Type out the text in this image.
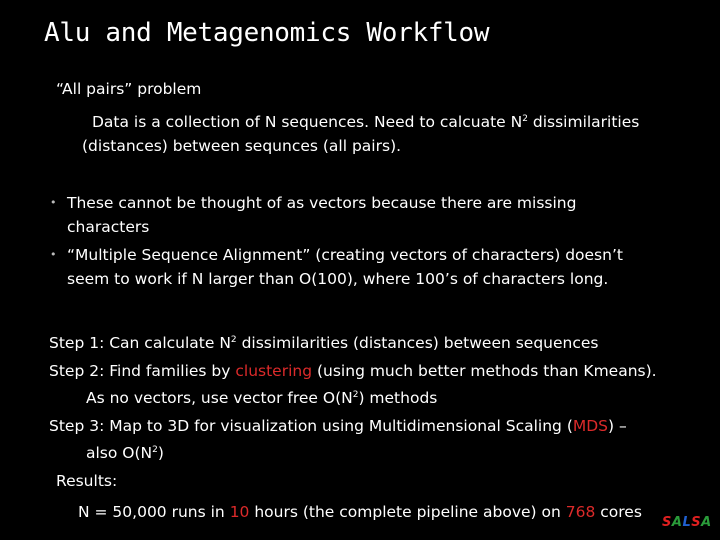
Alu and Metagenomics Workflow
“All pairs” problem
Data is a collection of N sequences. Need to calcuate $N^2$ dissimilarities
(distances) between sequnces (all pairs).
• These cannot be thought of as vectors because there are missing
characters
• “Multiple Sequence Alignment” (creating vectors of characters) doesn’t
seem to work if N larger than O(100), where 100’s of characters long.
Step 1: Can calculate $N^2$ dissimilarities (distances) between sequences
Step 2: Find families by clustering (using much better methods than Kmeans).
As no vectors, use vector free $O(N^2)$ methods
Step 3: Map to 3D for visualization using Multidimensional Scaling (MDS) –
also $O(N^2)$
Results:
N = 50,000 runs in 10 hours (the complete pipeline above) on 768 cores
SALSA
